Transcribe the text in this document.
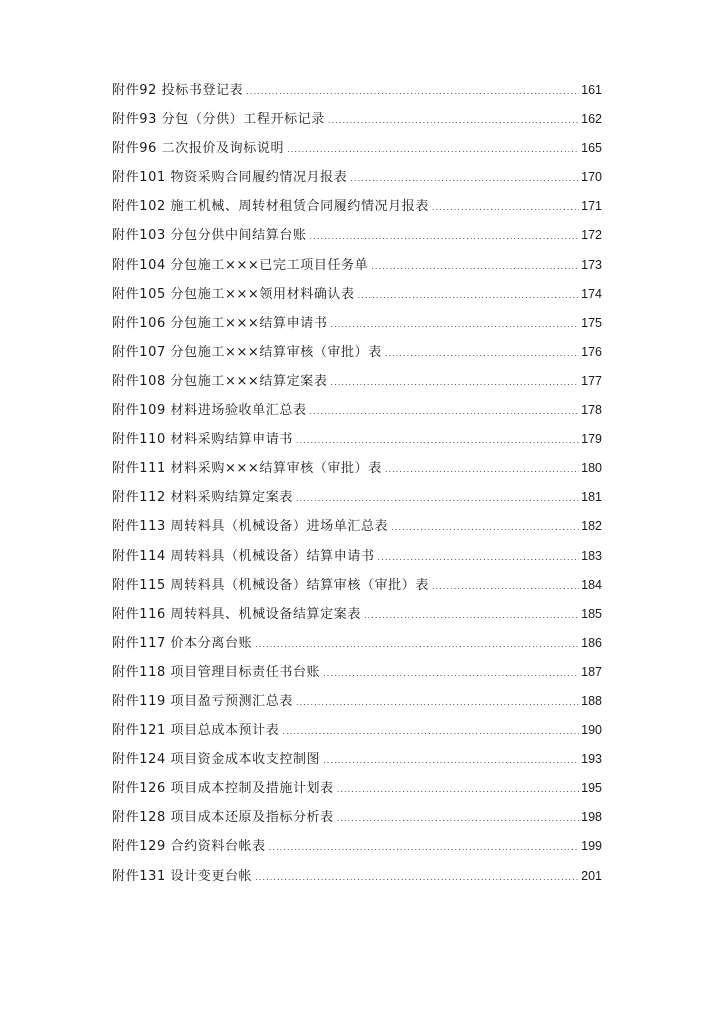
附件92 投标书登记表 .....	161
附件93 分包（分供）工程开标记录 .....	162
附件96 二次报价及询标说明 .....	165
附件101 物资采购合同履约情况月报表 .....	170
附件102 施工机械、周转材租赁合同履约情况月报表 .....	171
附件103 分包分供中间结算台账 .....	172
附件104 分包施工×××已完工项目任务单 .....	173
附件105 分包施工×××领用材料确认表 .....	174
附件106 分包施工×××结算申请书 .....	175
附件107 分包施工×××结算审核（审批）表 .....	176
附件108 分包施工×××结算定案表 .....	177
附件109 材料进场验收单汇总表 .....	178
附件110 材料采购结算申请书 .....	179
附件111 材料采购×××结算审核（审批）表 .....	180
附件112 材料采购结算定案表 .....	181
附件113 周转料具（机械设备）进场单汇总表 .....	182
附件114 周转料具（机械设备）结算申请书 .....	183
附件115 周转料具（机械设备）结算审核（审批）表 .....	184
附件116 周转料具、机械设备结算定案表 .....	185
附件117 价本分离台账 .....	186
附件118 项目管理目标责任书台账 .....	187
附件119 项目盈亏预测汇总表 .....	188
附件121 项目总成本预计表 .....	190
附件124 项目资金成本收支控制图 .....	193
附件126 项目成本控制及措施计划表 .....	195
附件128 项目成本还原及指标分析表 .....	198
附件129 合约资料台帐表 .....	199
附件131 设计变更台帐 .....	201
